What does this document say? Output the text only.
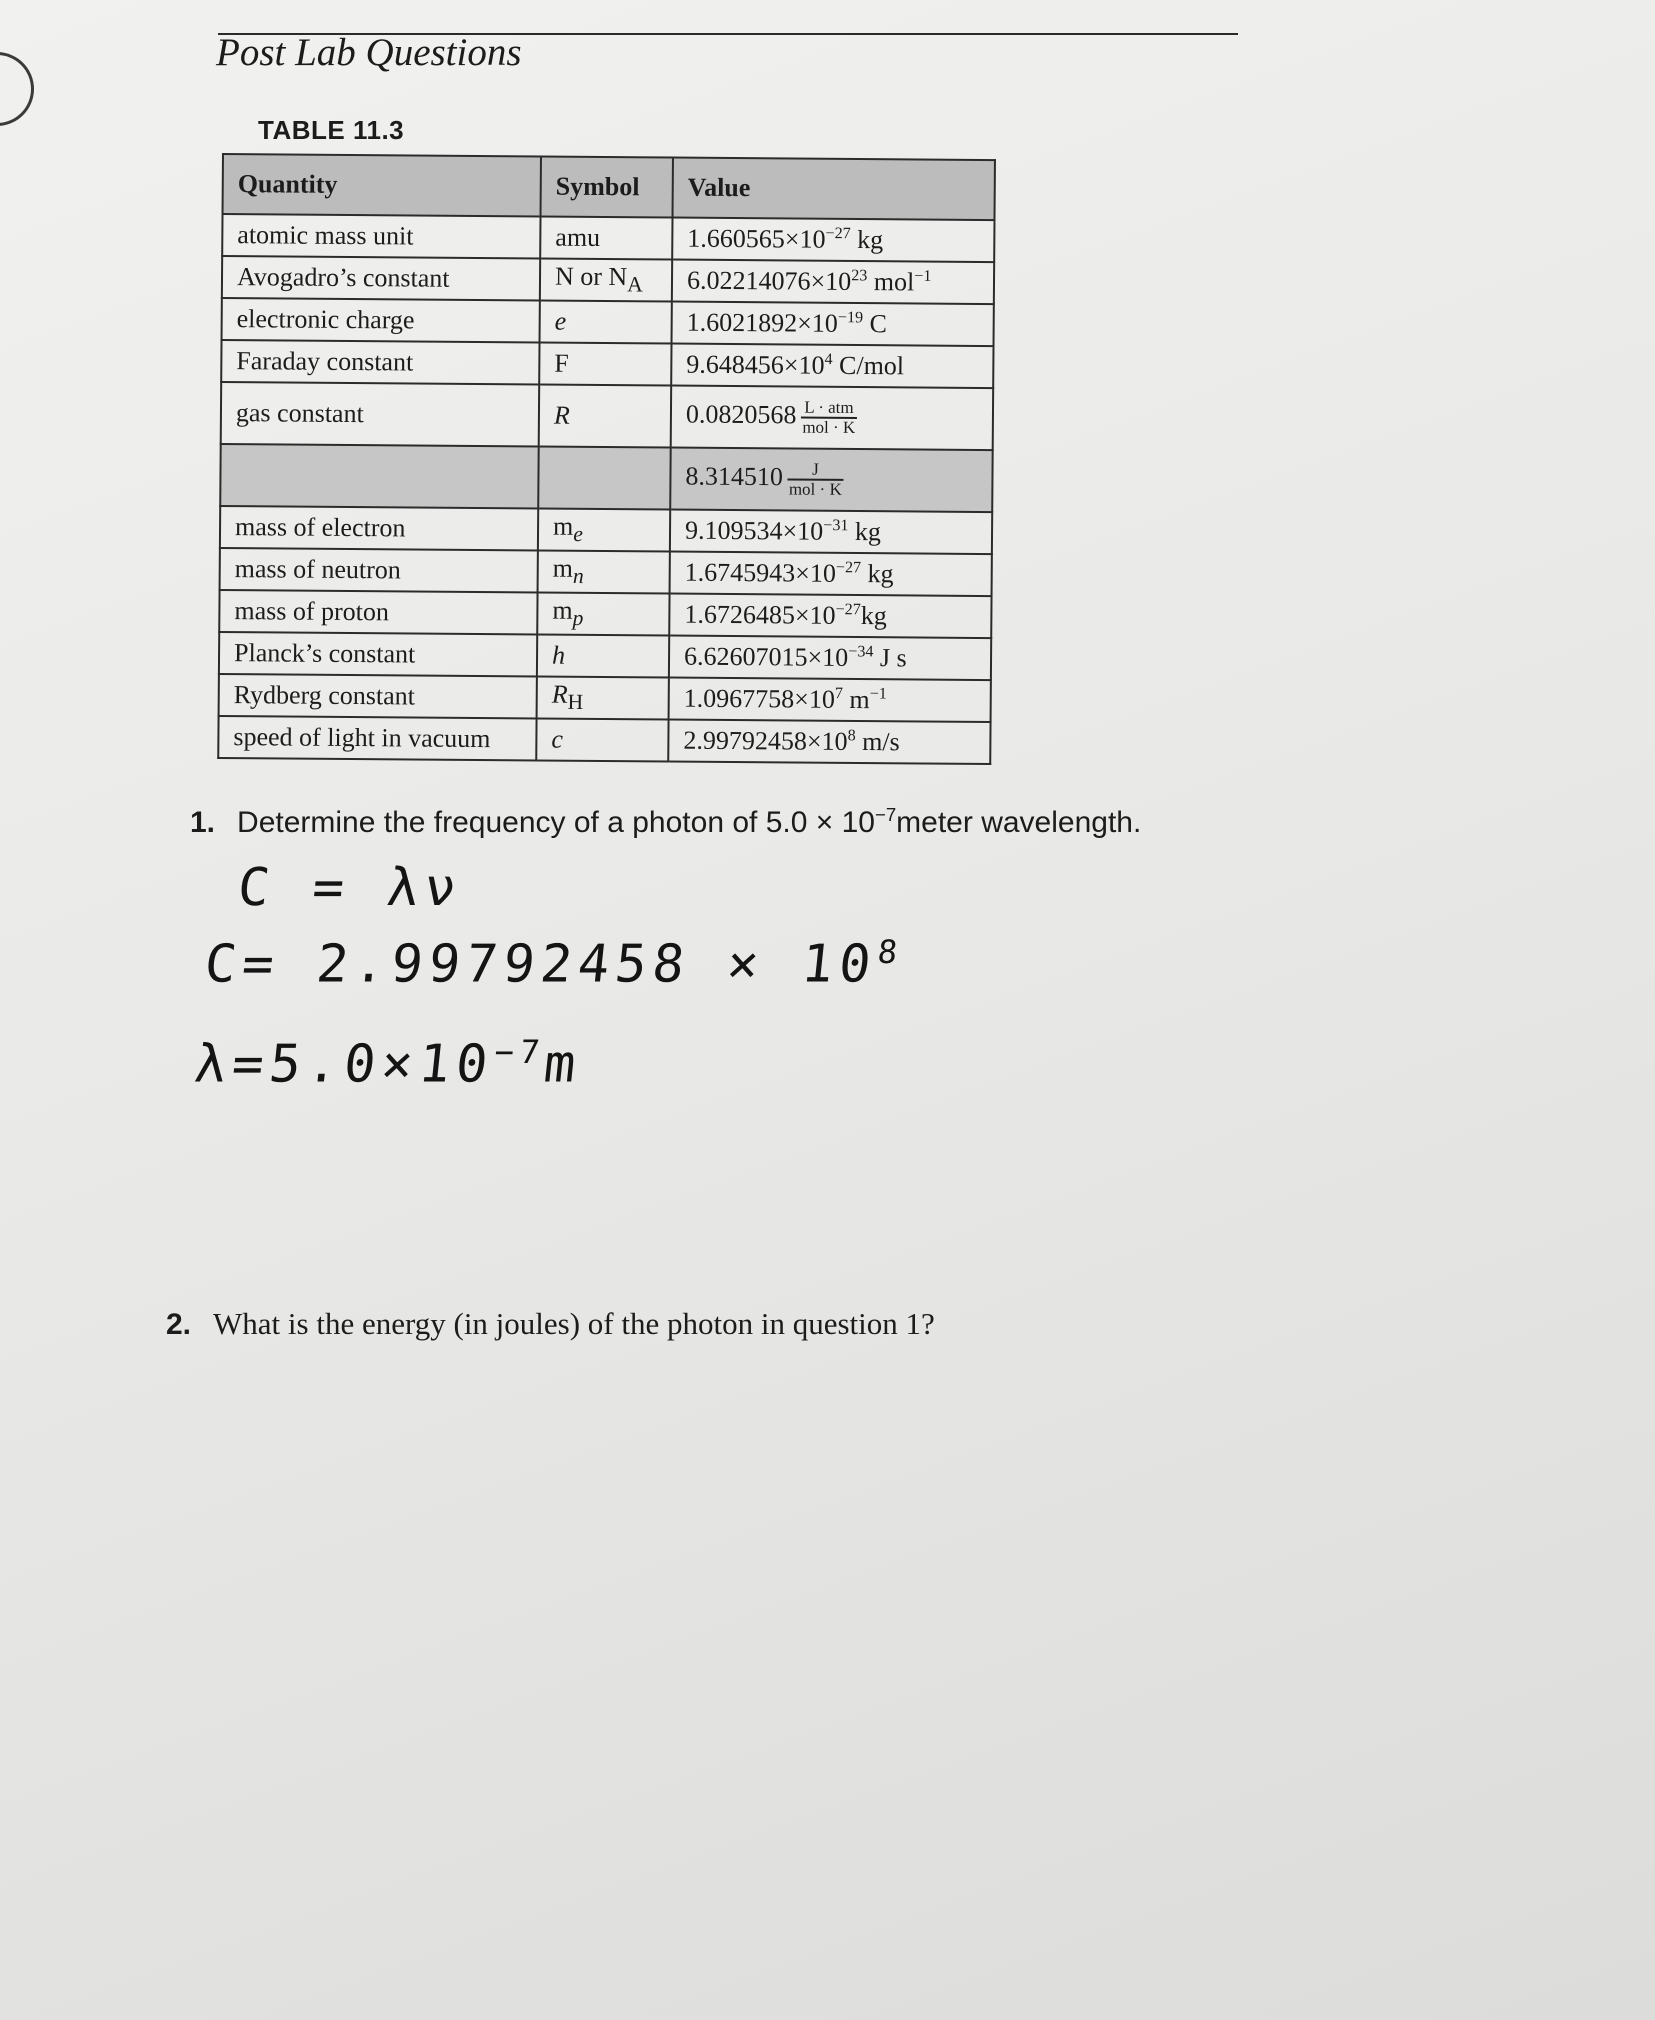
Post Lab Questions
TABLE 11.3
Quantity	Symbol	Value
atomic mass unit	amu	$1.660565\times 10^{-27}$ kg
Avogadro’s constant	N or $N_A$	$6.02214076\times 10^{23}$ mol$^{-1}$
electronic charge	e	$1.6021892\times 10^{-19}$ C
Faraday constant	F	$9.648456\times 10^4$ C/mol
gas constant	R	$0.0820568 \frac{\text{L · atm}}{\text{mol · K}}$

		$8.314510 \frac{J}{\text{mol · K}}$

mass of electron	$m_e$	$9.109534\times 10^{-31}$ kg
mass of neutron	$m_n$	$1.6745943\times 10^{-27}$ kg
mass of proton	$m_p$	$1.6726485\times 10^{-27}kg$
Planck’s constant	h	$6.62607015\times 10^{-34}$ J s
Rydberg constant	$R_H$	$1.0967758\times 10^7$ $m^{-1}$
speed of light in vacuum	c	$2.99792458\times 10^8$ m/s
1. Determine the frequency of a photon of $5.0 \times 10^{-7}meter$ wavelength.
C = λν
$C= 2.99792458 \times 10^8$
$\lambda=5.0\times 10^{-7}m$
2. What is the energy (in joules) of the photon in question 1?
